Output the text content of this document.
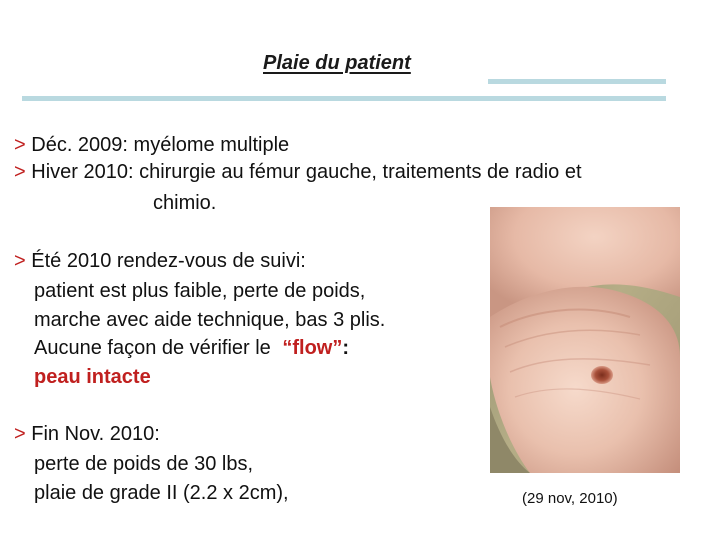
Plaie du patient
> Déc. 2009: myélome multiple
> Hiver 2010: chirurgie au fémur gauche, traitements de radio et
chimio.
> Été 2010 rendez-vous de suivi:
patient est plus faible, perte de poids,
marche avec aide technique, bas 3 plis.
Aucune façon de vérifier le “flow”:
peau intacte
> Fin Nov. 2010:
perte de poids de 30 lbs,
plaie de grade II (2.2 x 2cm),	(29 nov, 2010)
